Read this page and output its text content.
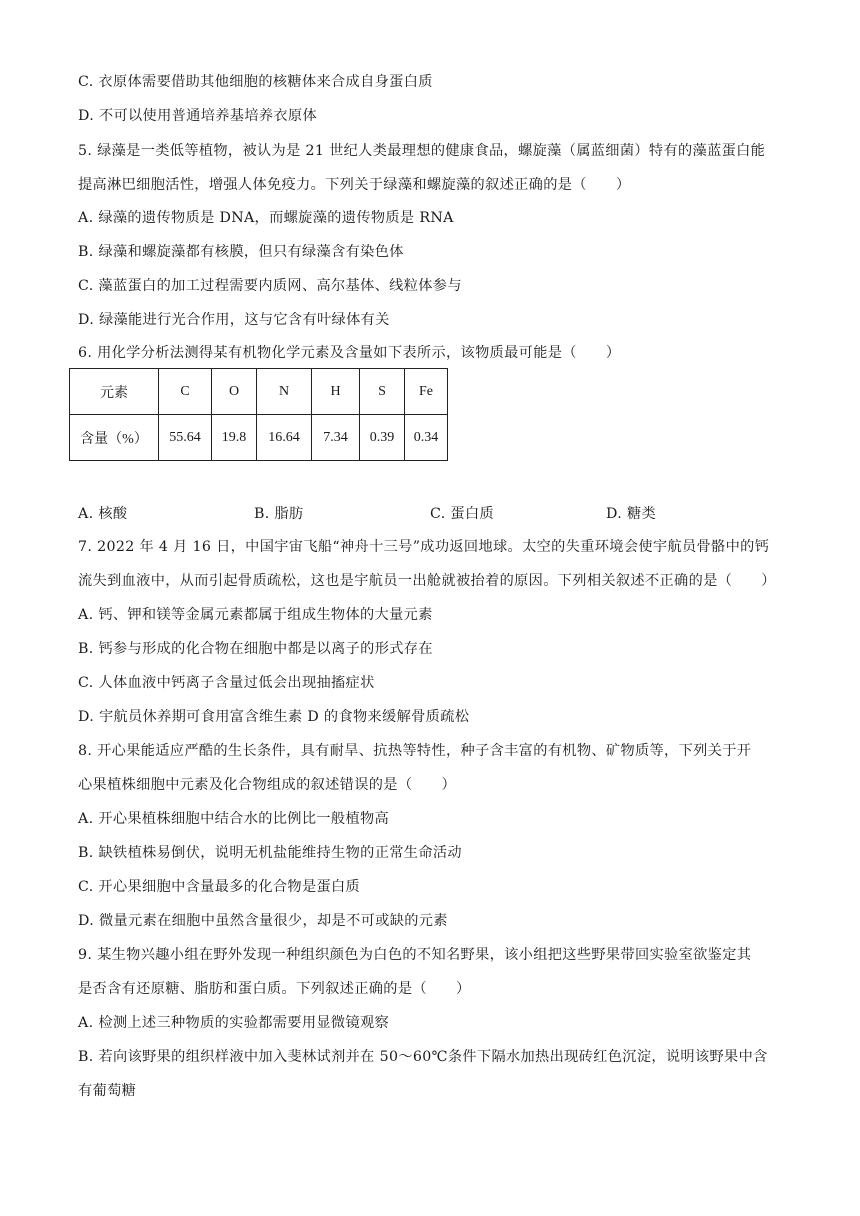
C. 衣原体需要借助其他细胞的核糖体来合成自身蛋白质
D. 不可以使用普通培养基培养衣原体
5. 绿藻是一类低等植物，被认为是 21 世纪人类最理想的健康食品，螺旋藻（属蓝细菌）特有的藻蓝蛋白能
提高淋巴细胞活性，增强人体免疫力。下列关于绿藻和螺旋藻的叙述正确的是（　　）
A. 绿藻的遗传物质是 DNA，而螺旋藻的遗传物质是 RNA
B. 绿藻和螺旋藻都有核膜，但只有绿藻含有染色体
C. 藻蓝蛋白的加工过程需要内质网、高尔基体、线粒体参与
D. 绿藻能进行光合作用，这与它含有叶绿体有关
6. 用化学分析法测得某有机物化学元素及含量如下表所示，该物质最可能是（　　）
元素	C	O	N	H	S	Fe
含量（%）	55.64	19.8	16.64	7.34	0.39	0.34
A. 核酸	B. 脂肪	C. 蛋白质	D. 糖类
7. 2022 年 4 月 16 日，中国宇宙飞船“神舟十三号”成功返回地球。太空的失重环境会使宇航员骨骼中的钙
流失到血液中，从而引起骨质疏松，这也是宇航员一出舱就被抬着的原因。下列相关叙述不正确的是（　　）
A. 钙、钾和镁等金属元素都属于组成生物体的大量元素
B. 钙参与形成的化合物在细胞中都是以离子的形式存在
C. 人体血液中钙离子含量过低会出现抽搐症状
D. 宇航员休养期可食用富含维生素 D 的食物来缓解骨质疏松
8. 开心果能适应严酷的生长条件，具有耐旱、抗热等特性，种子含丰富的有机物、矿物质等，下列关于开
心果植株细胞中元素及化合物组成的叙述错误的是（　　）
A. 开心果植株细胞中结合水的比例比一般植物高
B. 缺铁植株易倒伏，说明无机盐能维持生物的正常生命活动
C. 开心果细胞中含量最多的化合物是蛋白质
D. 微量元素在细胞中虽然含量很少，却是不可或缺的元素
9. 某生物兴趣小组在野外发现一种组织颜色为白色的不知名野果，该小组把这些野果带回实验室欲鉴定其
是否含有还原糖、脂肪和蛋白质。下列叙述正确的是（　　）
A. 检测上述三种物质的实验都需要用显微镜观察
B. 若向该野果的组织样液中加入斐林试剂并在 50～60℃条件下隔水加热出现砖红色沉淀，说明该野果中含
有葡萄糖
